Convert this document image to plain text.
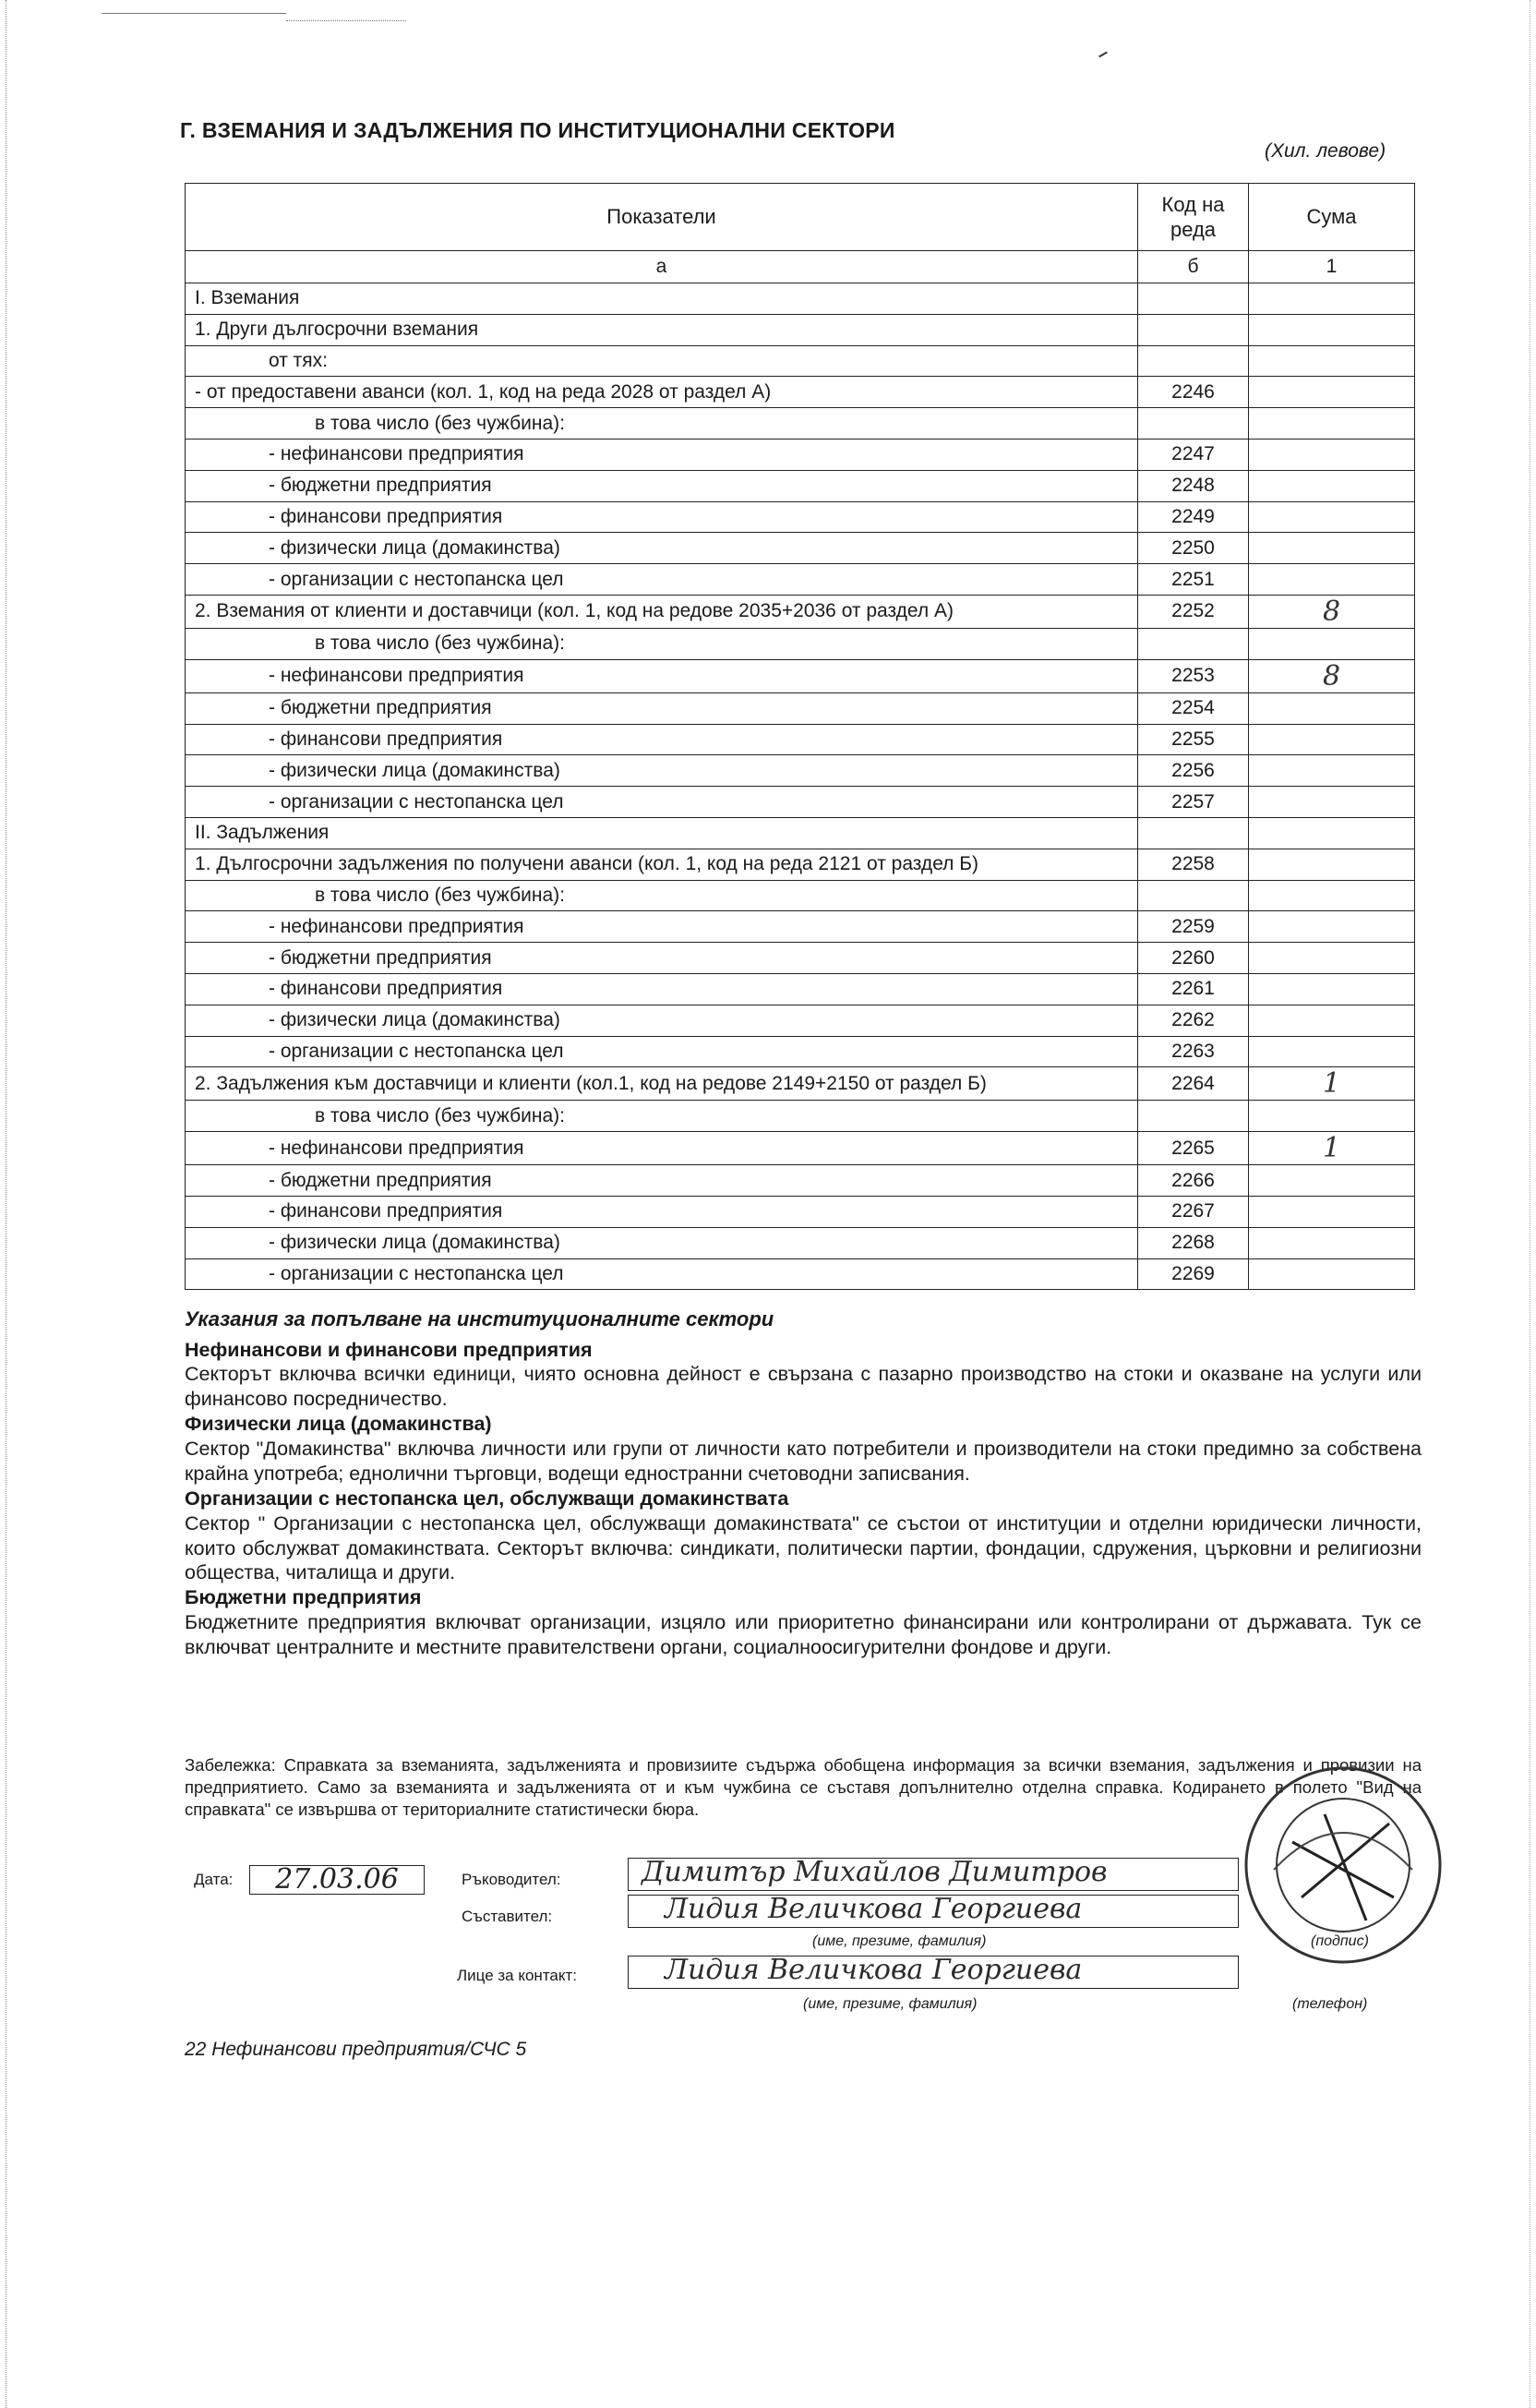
Г. ВЗЕМАНИЯ И ЗАДЪЛЖЕНИЯ ПО ИНСТИТУЦИОНАЛНИ СЕКТОРИ
(Хил. левове)
Показатели	Код на реда	Сума
а	б	1
І. Вземания		
1. Други дългосрочни вземания		
от тях:		
- от предоставени аванси (кол. 1, код на реда 2028 от раздел А)	2246	
в това число (без чужбина):		
- нефинансови предприятия	2247	
- бюджетни предприятия	2248	
- финансови предприятия	2249	
- физически лица (домакинства)	2250	
- организации с нестопанска цел	2251	
2. Вземания от клиенти и доставчици (кол. 1, код на редове 2035+2036 от раздел А)	2252	8
в това число (без чужбина):		
- нефинансови предприятия	2253	8
- бюджетни предприятия	2254	
- финансови предприятия	2255	
- физически лица (домакинства)	2256	
- организации с нестопанска цел	2257	
ІІ. Задължения		
1. Дългосрочни задължения по получени аванси (кол. 1, код на реда 2121 от раздел Б)	2258	
в това число (без чужбина):		
- нефинансови предприятия	2259	
- бюджетни предприятия	2260	
- финансови предприятия	2261	
- физически лица (домакинства)	2262	
- организации с нестопанска цел	2263	
2. Задължения към доставчици и клиенти (кол.1, код на редове 2149+2150 от раздел Б)	2264	1
в това число (без чужбина):		
- нефинансови предприятия	2265	1
- бюджетни предприятия	2266	
- финансови предприятия	2267	
- физически лица (домакинства)	2268	
- организации с нестопанска цел	2269	
Указания за попълване на институционалните сектори
Нефинансови и финансови предприятия

Секторът включва всички единици, чиято основна дейност е свързана с пазарно производство на стоки и оказване на услуги или финансово посредничество.

Физически лица (домакинства)

Сектор "Домакинства" включва личности или групи от личности като потребители и производители на стоки предимно за собствена крайна употреба; еднолични търговци, водещи едностранни счетоводни записвания.

Организации с нестопанска цел, обслужващи домакинствата

Сектор " Организации с нестопанска цел, обслужващи домакинствата" се състои от институции и отделни юридически личности, които обслужват домакинствата. Секторът включва: синдикати, политически партии, фондации, сдружения, църковни и религиозни общества, читалища и други.

Бюджетни предприятия

Бюджетните предприятия включват организации, изцяло или приоритетно финансирани или контролирани от държавата. Тук се включват централните и местните правителствени органи, социалноосигурителни фондове и други.

Забележка: Справката за вземанията, задълженията и провизиите съдържа обобщена информация за всички вземания, задължения и провизии на предприятието. Само за вземанията и задълженията от и към чужбина се съставя допълнително отделна справка. Кодирането в полето "Вид на справката" се извършва от териториалните статистически бюра.
Дата:	27.03.06	Ръководител:	Димитър Михайлов Димитров
Съставител:	Лидия Величкова Георгиева
(име, презиме, фамилия)	(подпис)
Лице за контакт:	Лидия Величкова Георгиева
(име, презиме, фамилия)	(телефон)
22 Нефинансови предприятия/СЧС 5
